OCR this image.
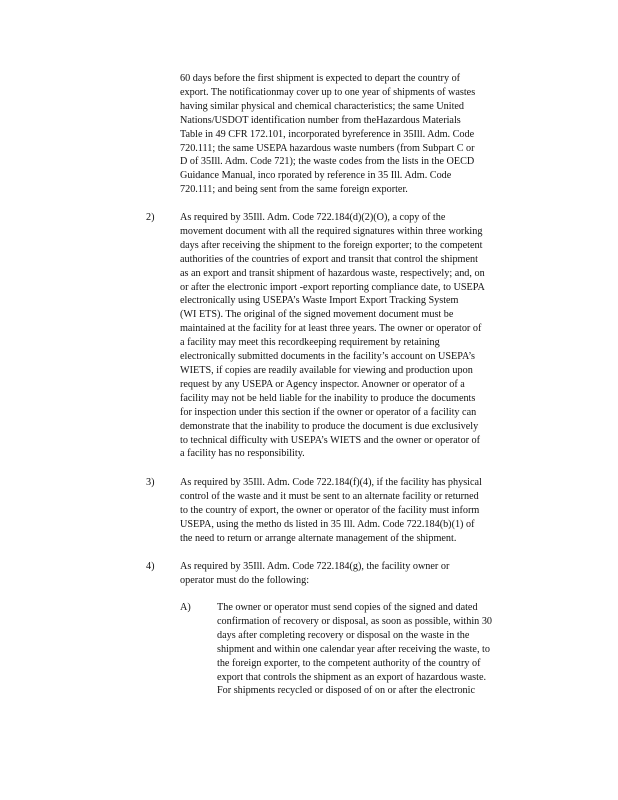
60 days before the first shipment is expected to depart the country of
export. The notificationmay cover up to one year of shipments of wastes
having similar physical and chemical characteristics; the same United
Nations/USDOT identification number from theHazardous Materials
Table in 49 CFR 172.101, incorporated byreference in 35Ill. Adm. Code
720.111; the same USEPA hazardous waste numbers (from Subpart C or
D of 35Ill. Adm. Code 721); the waste codes from the lists in the OECD
Guidance Manual, inco rporated by reference in 35 Ill. Adm. Code
720.111; and being sent from the same foreign exporter.

2)	As required by 35Ill. Adm. Code 722.184(d)(2)(O), a copy of the
movement document with all the required signatures within three working
days after receiving the shipment to the foreign exporter; to the competent
authorities of the countries of export and transit that control the shipment
as an export and transit shipment of hazardous waste, respectively; and, on
or after the electronic import -export reporting compliance date, to USEPA
electronically using USEPA’s Waste Import Export Tracking System
(WI ETS). The original of the signed movement document must be
maintained at the facility for at least three years. The owner or operator of
a facility may meet this recordkeeping requirement by retaining
electronically submitted documents in the facility’s account on USEPA’s
WIETS, if copies are readily available for viewing and production upon
request by any USEPA or Agency inspector. Anowner or operator of a
facility may not be held liable for the inability to produce the documents
for inspection under this section if the owner or operator of a facility can
demonstrate that the inability to produce the document is due exclusively
to technical difficulty with USEPA’s WIETS and the owner or operator of
a facility has no responsibility.

3)	As required by 35Ill. Adm. Code 722.184(f)(4), if the facility has physical
control of the waste and it must be sent to an alternate facility or returned
to the country of export, the owner or operator of the facility must inform
USEPA, using the metho ds listed in 35 Ill. Adm. Code 722.184(b)(1) of
the need to return or arrange alternate management of the shipment.

4)	As required by 35Ill. Adm. Code 722.184(g), the facility owner or
operator must do the following:

A)	The owner or operator must send copies of the signed and dated
confirmation of recovery or disposal, as soon as possible, within 30
days after completing recovery or disposal on the waste in the
shipment and within one calendar year after receiving the waste, to
the foreign exporter, to the competent authority of the country of
export that controls the shipment as an export of hazardous waste.
For shipments recycled or disposed of on or after the electronic
